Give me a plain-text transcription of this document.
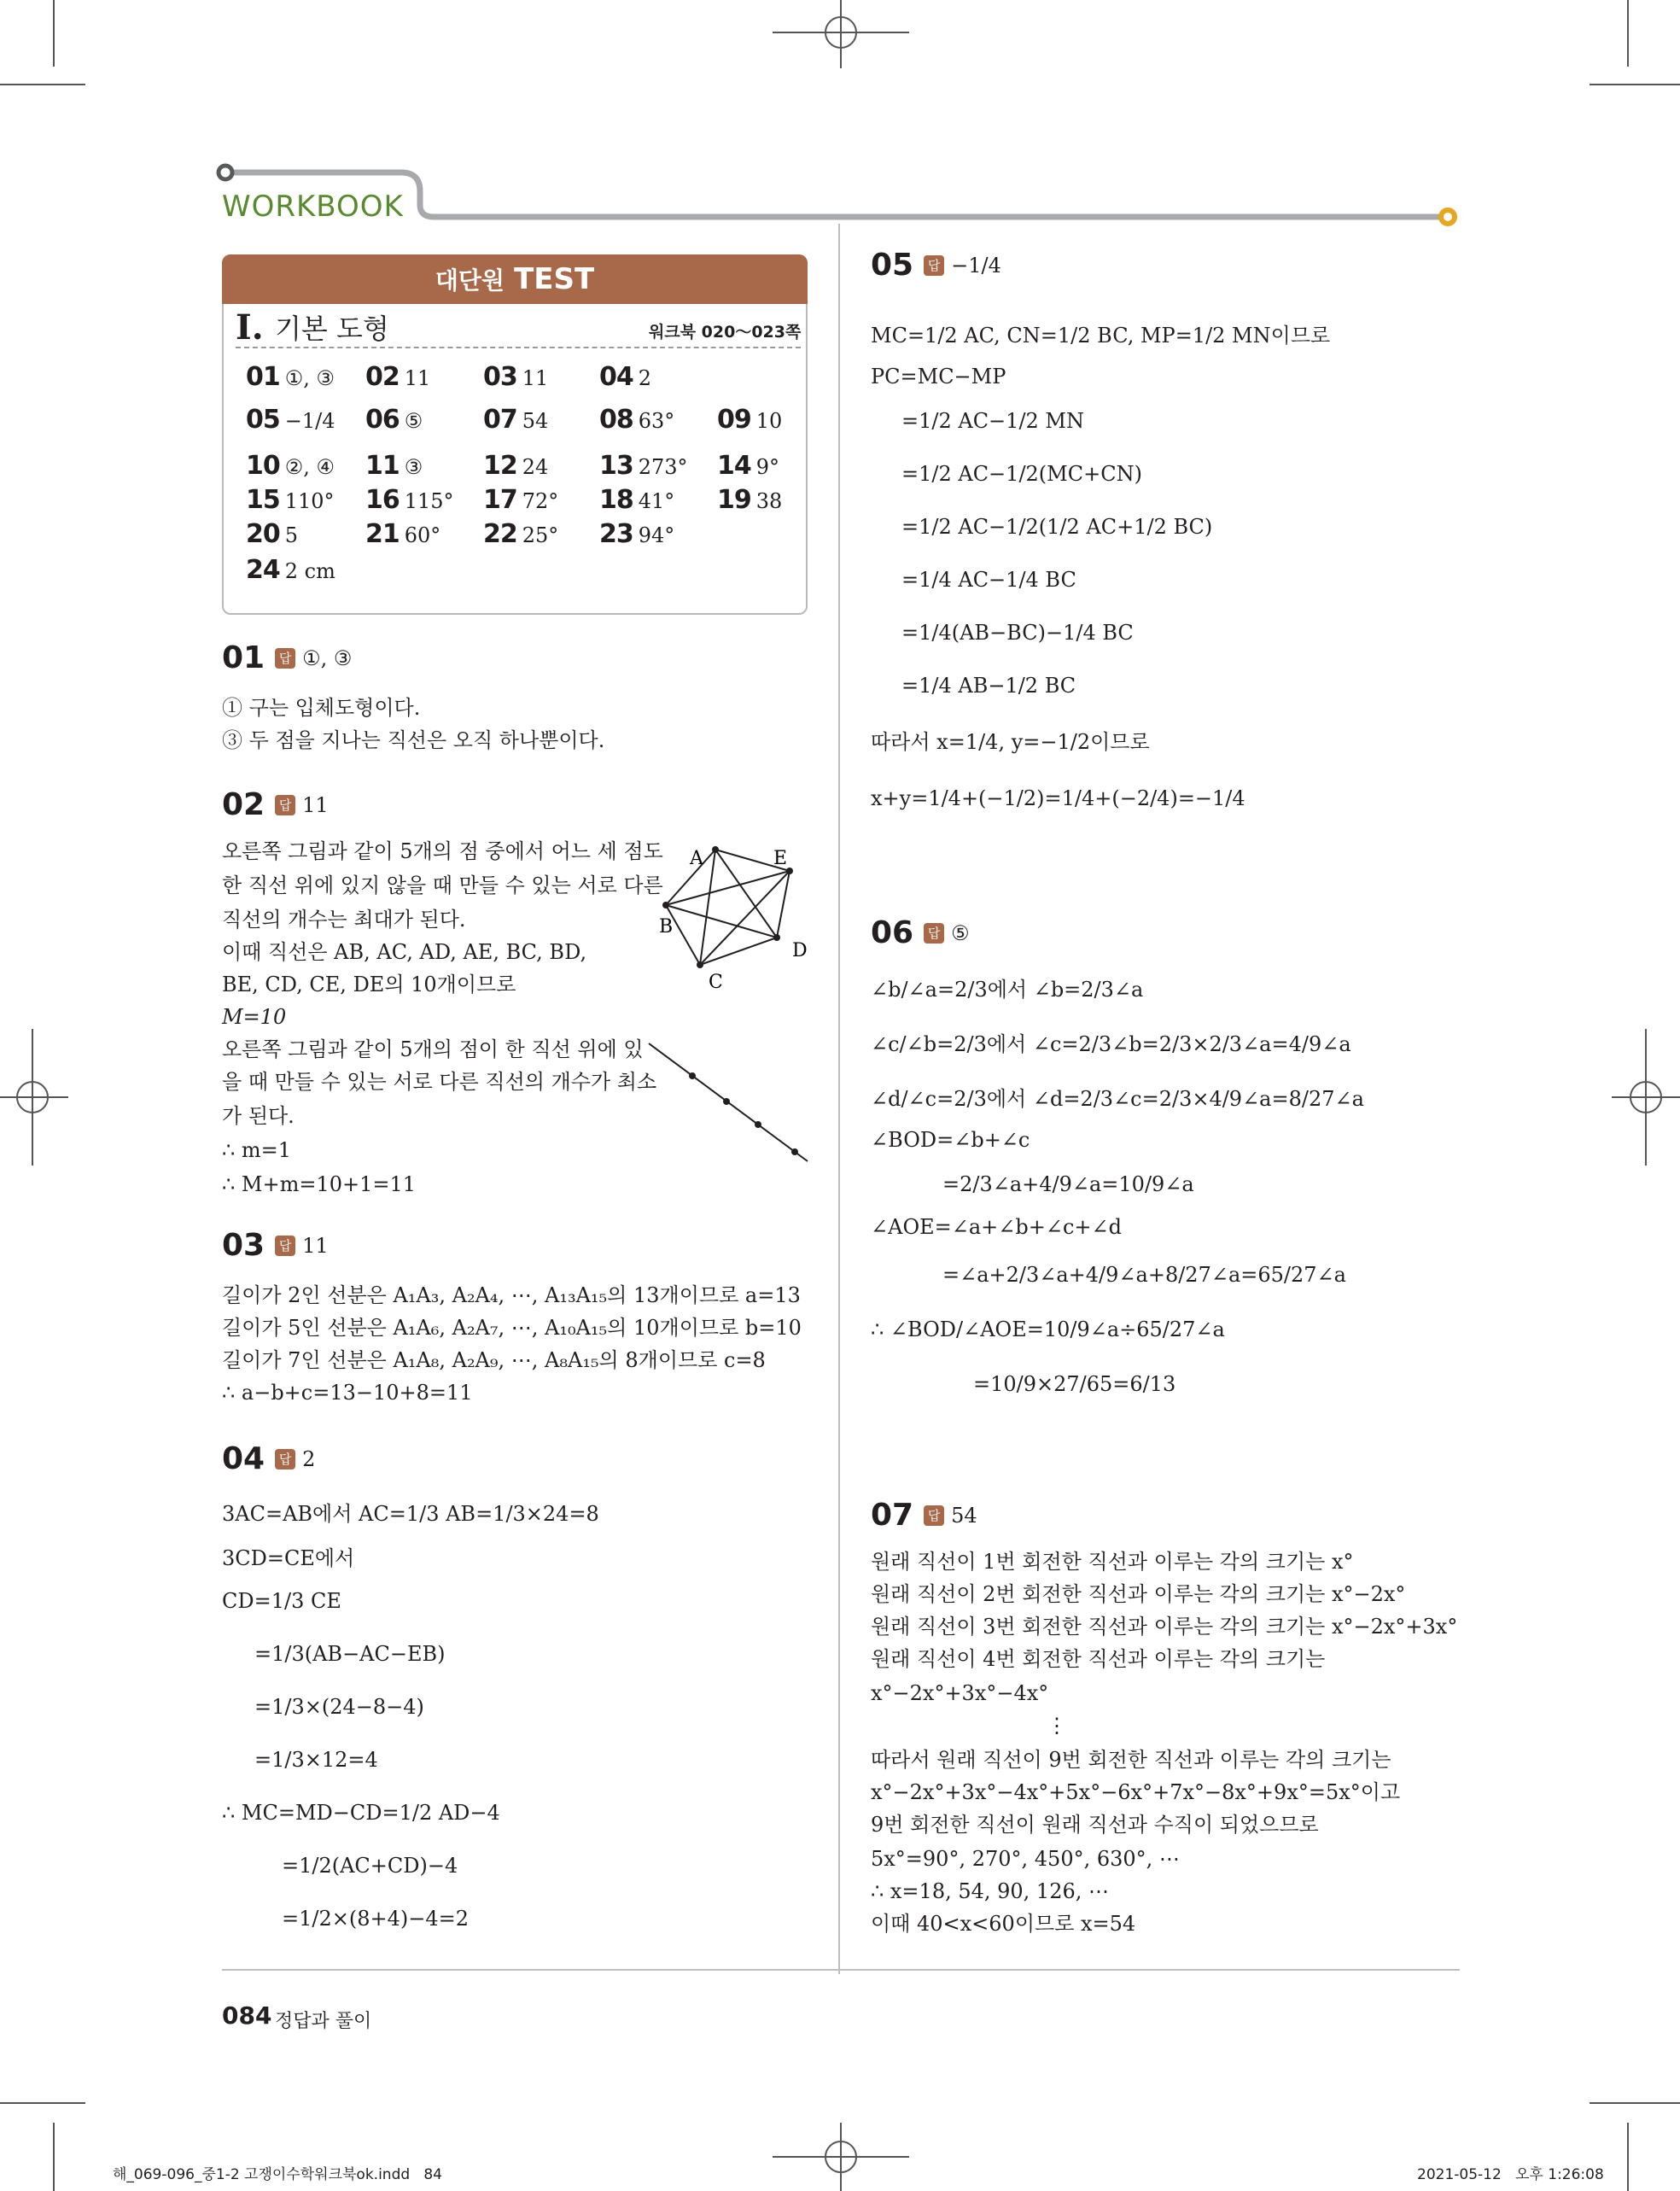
WORKBOOK
대단원 TEST
I. 기본 도형	워크북 020～023쪽
01 ①, ③ 02 11 03 11 04 2
05 −1/4 06 ⑤ 07 54 08 63° 09 10
10 ②, ④ 11 ③ 12 24 13 273° 14 9°
15 110° 16 115° 17 72° 18 41° 19 38
20 5	21 60° 22 25° 23 94°
24 2 cm
01	답 ①, ③
① 구는 입체도형이다.
③ 두 점을 지나는 직선은 오직 하나뿐이다.
02	답 11
오른쪽 그림과 같이 5개의 점 중에서 어느 세 점도
한 직선 위에 있지 않을 때 만들 수 있는 서로 다른
직선의 개수는 최대가 된다.
이때 직선은 AB, AC, AD, AE, BC, BD,
BE, CD, CE, DE의 10개이므로
M=10
오른쪽 그림과 같이 5개의 점이 한 직선 위에 있
을 때 만들 수 있는 서로 다른 직선의 개수가 최소
가 된다.
∴ m=1
∴ M+m=10+1=11
A
B
C
D
E
03	답 11
길이가 2인 선분은 A₁A₃, A₂A₄, ⋯, A₁₃A₁₅의 13개이므로 a=13
길이가 5인 선분은 A₁A₆, A₂A₇, ⋯, A₁₀A₁₅의 10개이므로 b=10
길이가 7인 선분은 A₁A₈, A₂A₉, ⋯, A₈A₁₅의 8개이므로 c=8
∴ a−b+c=13−10+8=11
04	답 2
3AC=AB에서 AC=1/3 AB=1/3×24=8
3CD=CE에서
CD=1/3 CE
=1/3(AB−AC−EB)
=1/3×(24−8−4)
=1/3×12=4
∴ MC=MD−CD=1/2 AD−4
=1/2(AC+CD)−4
=1/2×(8+4)−4=2
05	답 −1/4
MC=1/2 AC, CN=1/2 BC, MP=1/2 MN이므로
PC=MC−MP
=1/2 AC−1/2 MN
=1/2 AC−1/2(MC+CN)
=1/2 AC−1/2(1/2 AC+1/2 BC)
=1/4 AC−1/4 BC
=1/4(AB−BC)−1/4 BC
=1/4 AB−1/2 BC
따라서 x=1/4, y=−1/2이므로
x+y=1/4+(−1/2)=1/4+(−2/4)=−1/4
06	답 ⑤
∠b/∠a=2/3에서 ∠b=2/3∠a
∠c/∠b=2/3에서 ∠c=2/3∠b=2/3×2/3∠a=4/9∠a
∠d/∠c=2/3에서 ∠d=2/3∠c=2/3×4/9∠a=8/27∠a
∠BOD=∠b+∠c
=2/3∠a+4/9∠a=10/9∠a
∠AOE=∠a+∠b+∠c+∠d
=∠a+2/3∠a+4/9∠a+8/27∠a=65/27∠a
∴ ∠BOD/∠AOE=10/9∠a÷65/27∠a
=10/9×27/65=6/13
07	답 54
원래 직선이 1번 회전한 직선과 이루는 각의 크기는 x°
원래 직선이 2번 회전한 직선과 이루는 각의 크기는 x°−2x°
원래 직선이 3번 회전한 직선과 이루는 각의 크기는 x°−2x°+3x°
원래 직선이 4번 회전한 직선과 이루는 각의 크기는
x°−2x°+3x°−4x°
⋮
따라서 원래 직선이 9번 회전한 직선과 이루는 각의 크기는
x°−2x°+3x°−4x°+5x°−6x°+7x°−8x°+9x°=5x°이고
9번 회전한 직선이 원래 직선과 수직이 되었으므로
5x°=90°, 270°, 450°, 630°, ⋯
∴ x=18, 54, 90, 126, ⋯
이때 40<x<60이므로 x=54
084 정답과 풀이
해_069-096_중1-2 고쟁이수학워크북ok.indd   84	2021-05-12   오후 1:26:08
